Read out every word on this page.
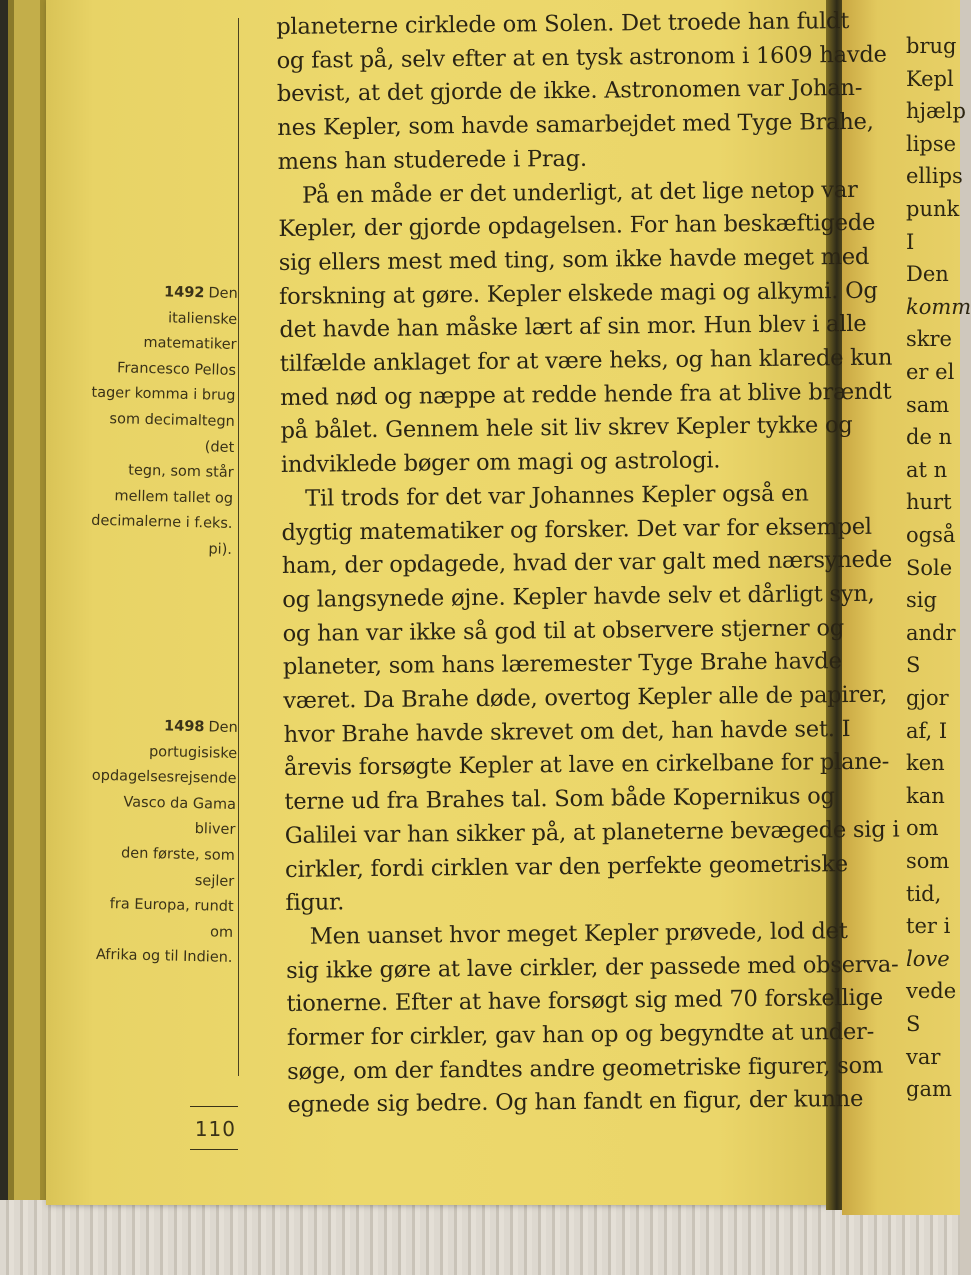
brug
Kepl
hjælp
lipse
ellips
punk
I
Den
komm
skre
er el
sam
de n
at n
hurt
også
Sole
sig
andr
S
gjor
af, I
ken
kan
om
som
tid,
ter i
love
vede
S
var
gam
1492 Den italienske
matematiker
Francesco Pellos
tager komma i brug
som decimaltegn (det
tegn, som står
mellem tallet og
decimalerne i f.eks.
pi).
1498 Den
portugisiske
opdagelsesrejsende
Vasco da Gama bliver
den første, som sejler
fra Europa, rundt om
Afrika og til Indien.
110
planeterne cirklede om Solen. Det troede han fuldt
og fast på, selv efter at en tysk astronom i 1609 havde
bevist, at det gjorde de ikke. Astronomen var Johan-
nes Kepler, som havde samarbejdet med Tyge Brahe,
mens han studerede i Prag.
På en måde er det underligt, at det lige netop var
Kepler, der gjorde opdagelsen. For han beskæftigede
sig ellers mest med ting, som ikke havde meget med
forskning at gøre. Kepler elskede magi og alkymi. Og
det havde han måske lært af sin mor. Hun blev i alle
tilfælde anklaget for at være heks, og han klarede kun
med nød og næppe at redde hende fra at blive brændt
på bålet. Gennem hele sit liv skrev Kepler tykke og
indviklede bøger om magi og astrologi.
Til trods for det var Johannes Kepler også en
dygtig matematiker og forsker. Det var for eksempel
ham, der opdagede, hvad der var galt med nærsynede
og langsynede øjne. Kepler havde selv et dårligt syn,
og han var ikke så god til at observere stjerner og
planeter, som hans læremester Tyge Brahe havde
været. Da Brahe døde, overtog Kepler alle de papirer,
hvor Brahe havde skrevet om det, han havde set. I
årevis forsøgte Kepler at lave en cirkelbane for plane-
terne ud fra Brahes tal. Som både Kopernikus og
Galilei var han sikker på, at planeterne bevægede sig i
cirkler, fordi cirklen var den perfekte geometriske
figur.
Men uanset hvor meget Kepler prøvede, lod det
sig ikke gøre at lave cirkler, der passede med observa-
tionerne. Efter at have forsøgt sig med 70 forskellige
former for cirkler, gav han op og begyndte at under-
søge, om der fandtes andre geometriske figurer, som
egnede sig bedre. Og han fandt en figur, der kunne
